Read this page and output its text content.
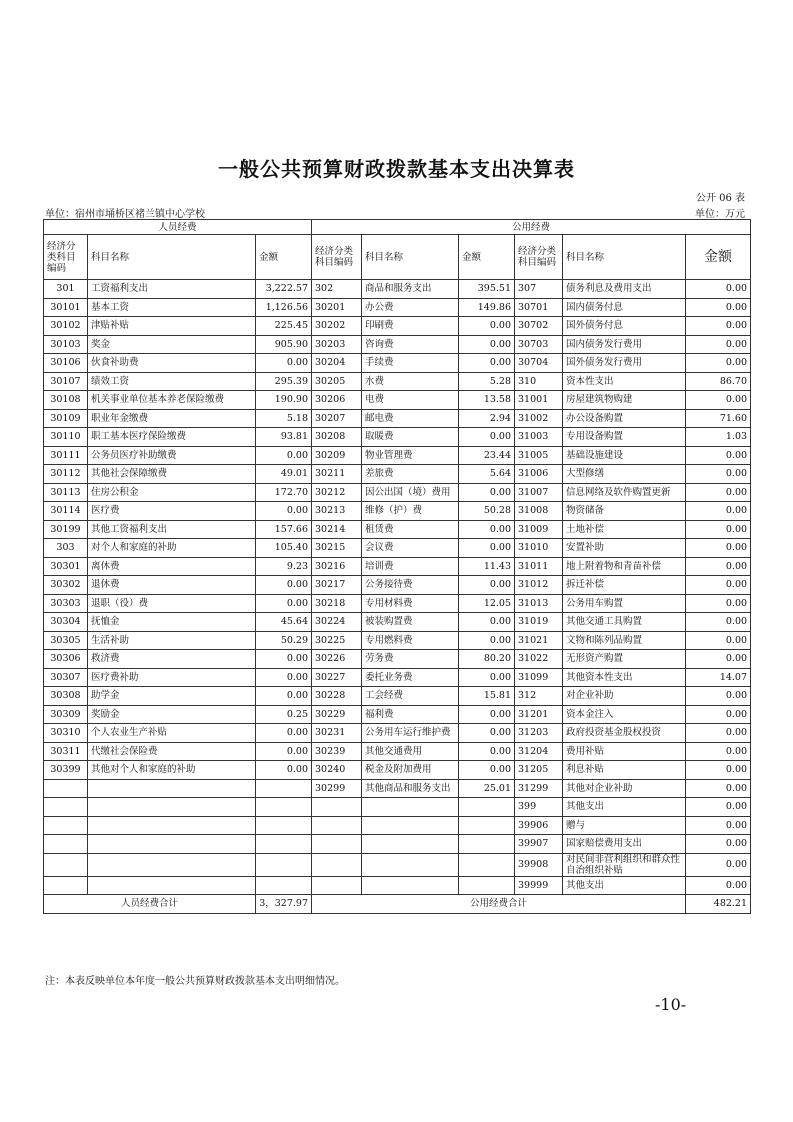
一般公共预算财政拨款基本支出决算表
公开 06 表
单位：宿州市埇桥区褚兰镇中心学校	单位：万元
人员经费			公用经费					
经济分类科目编码	科目名称	金额	经济分类科目编码	科目名称	金额	经济分类科目编码	科目名称	金额
301	工资福利支出	3,222.57	302	商品和服务支出	395.51	307	债务利息及费用支出	0.00
30101	基本工资	1,126.56	30201	办公费	149.86	30701	国内债务付息	0.00
30102	津贴补贴	225.45	30202	印刷费	0.00	30702	国外债务付息	0.00
30103	奖金	905.90	30203	咨询费	0.00	30703	国内债务发行费用	0.00
30106	伙食补助费	0.00	30204	手续费	0.00	30704	国外债务发行费用	0.00
30107	绩效工资	295.39	30205	水费	5.28	310	资本性支出	86.70
30108	机关事业单位基本养老保险缴费	190.90	30206	电费	13.58	31001	房屋建筑物购建	0.00
30109	职业年金缴费	5.18	30207	邮电费	2.94	31002	办公设备购置	71.60
30110	职工基本医疗保险缴费	93.81	30208	取暖费	0.00	31003	专用设备购置	1.03
30111	公务员医疗补助缴费	0.00	30209	物业管理费	23.44	31005	基础设施建设	0.00
30112	其他社会保障缴费	49.01	30211	差旅费	5.64	31006	大型修缮	0.00
30113	住房公积金	172.70	30212	因公出国（境）费用	0.00	31007	信息网络及软件购置更新	0.00
30114	医疗费	0.00	30213	维修（护）费	50.28	31008	物资储备	0.00
30199	其他工资福利支出	157.66	30214	租赁费	0.00	31009	土地补偿	0.00
303	对个人和家庭的补助	105.40	30215	会议费	0.00	31010	安置补助	0.00
30301	离休费	9.23	30216	培训费	11.43	31011	地上附着物和青苗补偿	0.00
30302	退休费	0.00	30217	公务接待费	0.00	31012	拆迁补偿	0.00
30303	退职（役）费	0.00	30218	专用材料费	12.05	31013	公务用车购置	0.00
30304	抚恤金	45.64	30224	被装购置费	0.00	31019	其他交通工具购置	0.00
30305	生活补助	50.29	30225	专用燃料费	0.00	31021	文物和陈列品购置	0.00
30306	救济费	0.00	30226	劳务费	80.20	31022	无形资产购置	0.00
30307	医疗费补助	0.00	30227	委托业务费	0.00	31099	其他资本性支出	14.07
30308	助学金	0.00	30228	工会经费	15.81	312	对企业补助	0.00
30309	奖励金	0.25	30229	福利费	0.00	31201	资本金注入	0.00
30310	个人农业生产补贴	0.00	30231	公务用车运行维护费	0.00	31203	政府投资基金股权投资	0.00
30311	代缴社会保险费	0.00	30239	其他交通费用	0.00	31204	费用补贴	0.00
30399	其他对个人和家庭的补助	0.00	30240	税金及附加费用	0.00	31205	利息补贴	0.00
			30299	其他商品和服务支出	25.01	31299	其他对企业补助	0.00
						399	其他支出	0.00
						39906	赠与	0.00
						39907	国家赔偿费用支出	0.00
						39908	对民间非营利组织和群众性自治组织补贴	0.00
						39999	其他支出	0.00
人员经费合计		3，327.97	公用经费合计					482.21
注：本表反映单位本年度一般公共预算财政拨款基本支出明细情况。
-10-
